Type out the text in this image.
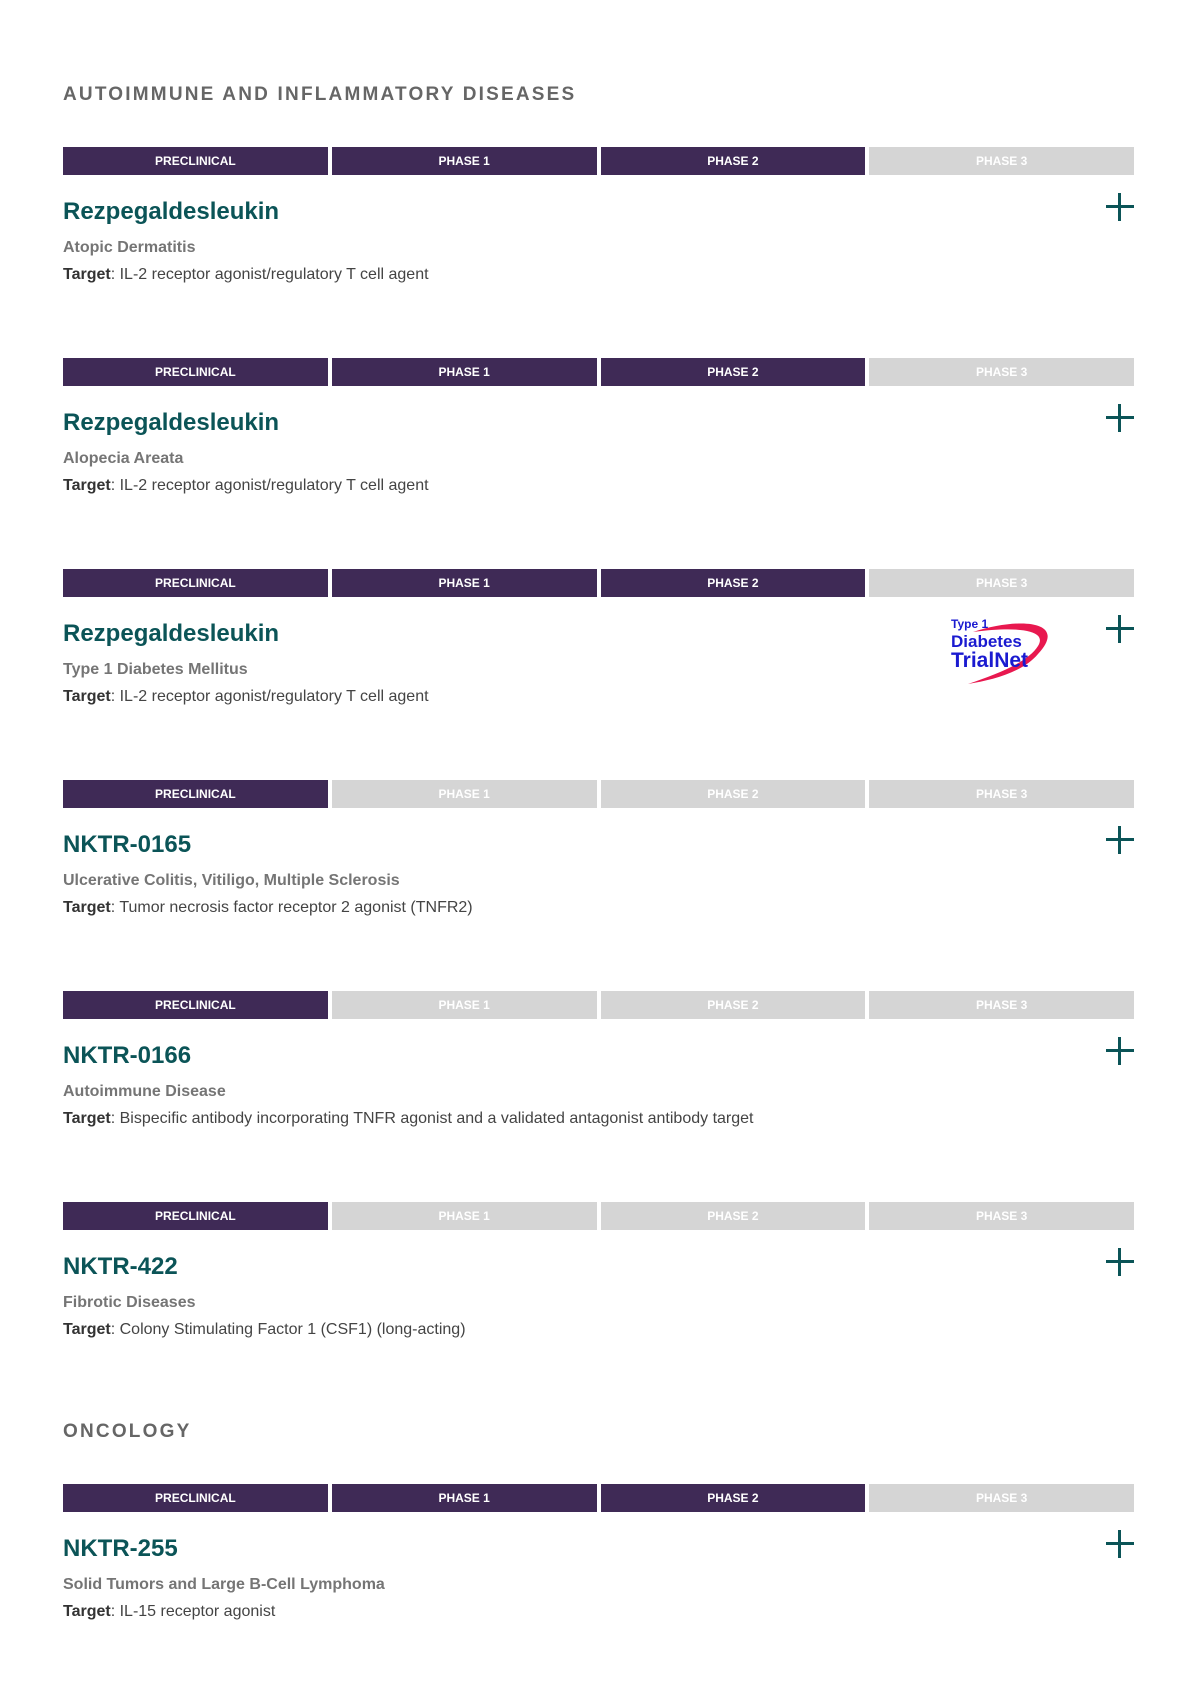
AUTOIMMUNE AND INFLAMMATORY DISEASES
PRECLINICAL	PHASE 1	PHASE 2	PHASE 3
Rezpegaldesleukin
Atopic Dermatitis
Target: IL-2 receptor agonist/regulatory T cell agent
PRECLINICAL	PHASE 1	PHASE 2	PHASE 3
Rezpegaldesleukin
Alopecia Areata
Target: IL-2 receptor agonist/regulatory T cell agent
PRECLINICAL	PHASE 1	PHASE 2	PHASE 3
Rezpegaldesleukin
Type 1 Diabetes Mellitus
Target: IL-2 receptor agonist/regulatory T cell agent
Type 1
Diabetes
TrialNet
PRECLINICAL	PHASE 1	PHASE 2	PHASE 3
NKTR-0165
Ulcerative Colitis, Vitiligo, Multiple Sclerosis
Target: Tumor necrosis factor receptor 2 agonist (TNFR2)
PRECLINICAL	PHASE 1	PHASE 2	PHASE 3
NKTR-0166
Autoimmune Disease
Target: Bispecific antibody incorporating TNFR agonist and a validated antagonist antibody target
PRECLINICAL	PHASE 1	PHASE 2	PHASE 3
NKTR-422
Fibrotic Diseases
Target: Colony Stimulating Factor 1 (CSF1) (long-acting)
ONCOLOGY
PRECLINICAL	PHASE 1	PHASE 2	PHASE 3
NKTR-255
Solid Tumors and Large B-Cell Lymphoma
Target: IL-15 receptor agonist
